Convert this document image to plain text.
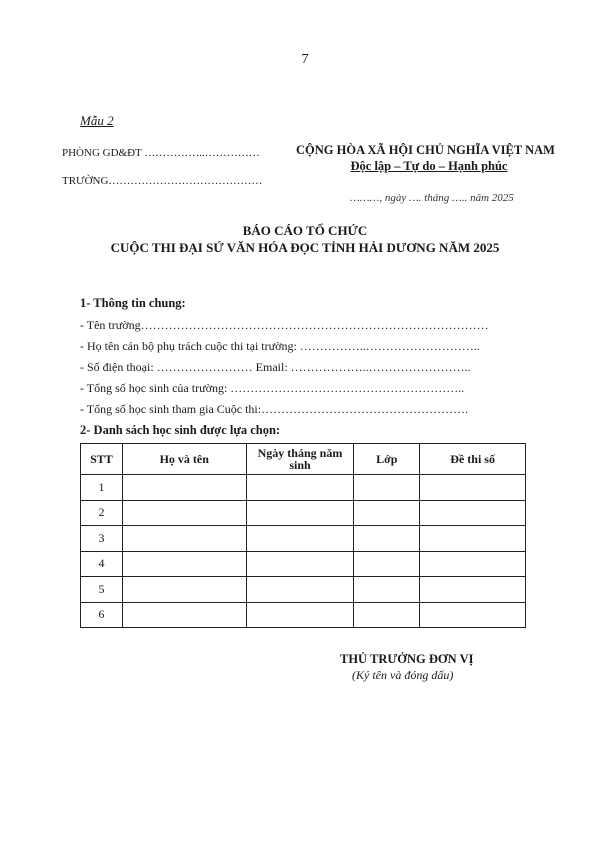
7
Mẫu 2
PHÒNG GD&ĐT ……………..……………
TRƯỜNG……………………………………
CỘNG HÒA XÃ HỘI CHỦ NGHĨA VIỆT NAM
Độc lập – Tự do – Hạnh phúc
………, ngày …. tháng ….. năm 2025
BÁO CÁO TỔ CHỨC
CUỘC THI ĐẠI SỨ VĂN HÓA ĐỌC TỈNH HẢI DƯƠNG NĂM 2025
1- Thông tin chung:
- Tên trường……………………………………………………………………………
- Họ tên cán bộ phụ trách cuộc thi tại trường: ……………..………………………..
- Số điện thoại: …………………… Email: ………………..……………………..
- Tổng số học sinh của trường: …………………………………………………..
- Tổng số học sinh tham gia Cuộc thi:…………………………………………….
2- Danh sách học sinh được lựa chọn:
STT	Họ và tên	Ngày tháng năm sinh	Lớp	Đề thi số
1				
2				
3				
4				
5				
6				
THỦ TRƯỞNG ĐƠN VỊ
(Ký tên và đóng dấu)
